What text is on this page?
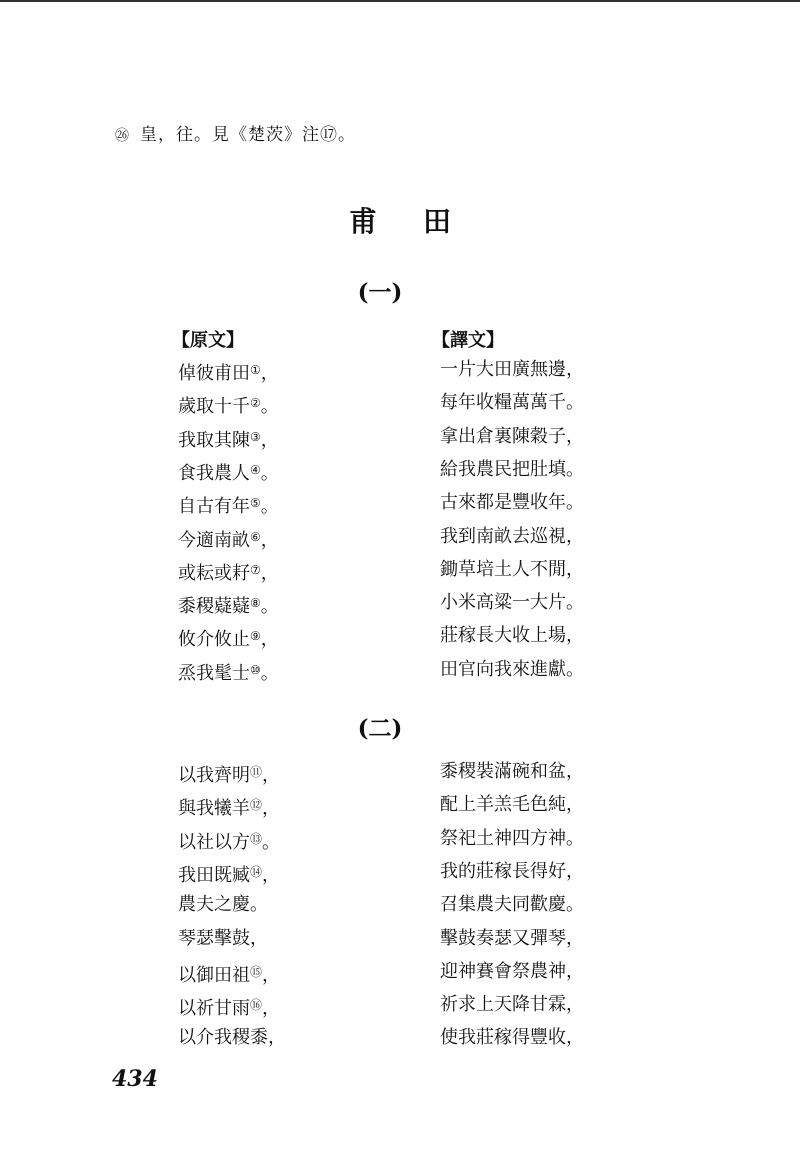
㉖ 皇，往。見《楚茨》注⑰。
甫田
(一)
【原文】	【譯文】
倬彼甫田①，	一片大田廣無邊，
歲取十千②。	每年收糧萬萬千。
我取其陳③，	拿出倉裏陳穀子，
食我農人④。	給我農民把肚填。
自古有年⑤。	古來都是豐收年。
今適南畝⑥，	我到南畝去巡視，
或耘或耔⑦，	鋤草培土人不閒，
黍稷薿薿⑧。	小米高粱一大片。
攸介攸止⑨，	莊稼長大收上場，
烝我髦士⑩。	田官向我來進獻。
(二)
以我齊明⑪，	黍稷裝滿碗和盆，
與我犧羊⑫，	配上羊羔毛色純，
以社以方⑬。	祭祀土神四方神。
我田既臧⑭，	我的莊稼長得好，
農夫之慶。	召集農夫同歡慶。
琴瑟擊鼓，	擊鼓奏瑟又彈琴，
以御田祖⑮，	迎神賽會祭農神，
以祈甘雨⑯，	祈求上天降甘霖，
以介我稷黍，	使我莊稼得豐收，
434
